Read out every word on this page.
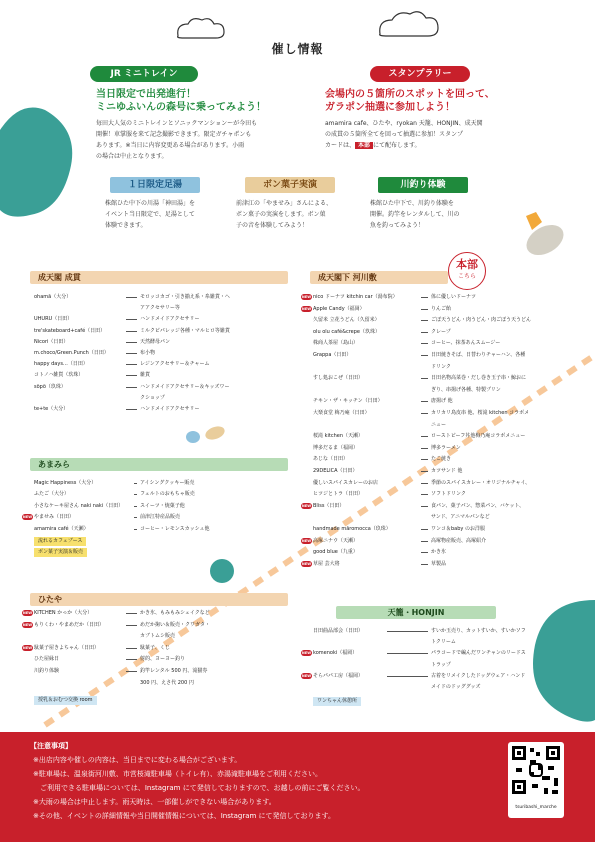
催し情報
JR ミニトレイン
当日限定で出発進行！
ミニゆふいんの森号に乗ってみよう！
毎田大人気のミニトレインとソニックマンションーが今田も
開催！車掌服を来て記念撮影できます。限定ガチャポンも
あります。※当日に内容変更ある場合があります。小雨
の場合は中止となります。
スタンプラリー
会場内の５箇所のスポットを回って、
ガラポン抽選に参加しよう！
amamira cafe、ひたや、ryokan 天籠、HONJIN、成天閣
の成貫の５箇所全てを回って抽選に参加！スタンプ
カードは、 本部 にて配布します。
１日限定足湯
株館ひた中下の川湯「神田湯」を
イベント当日限定で、足湯として
体験できます。
ボン菓子実演
前津江の「やませみ」さんによる、
ボン菓子の実演をします。ボン菓
子の音を体験してみよう！
川釣り体験
株館ひた中下で、川釣り体験を
開催。釣竿をレンタルして、川の
魚を釣ってみよう！
本部
こちら
成天閣 成貫
ohamā（大分）	モロッコカゴ・引き揃え系・糸雑貨・へ
アアクセサリー等
UHURU（日田）	ハンドメイドアクセサリー
tre'skateboard+café（日田）	ミルクピパレッジ各種・マルヒロ等雑貨
Nicori（日田）	天然酵母パン
m.choco/Green.Punch（日田）	布小物
happy days…（日田）	レジンアクセサリー＆チャーム
コトノハ雑貨（玖珠）	雑貨
söpö（玖珠）	ハンドメイドアクセサリー＆キッズワー
クショップ
te+te（大分）	ハンドメイドアクセサリー
あまみら
Magic Happiness（大分）	アイシングクッキー販売
ふたご（大分）	フェルトのおもちゃ販売
小さなケーキ屋さん naki naki（日田）	スイーツ・焼菓子他
NEW やませみ（日田）	前津江特産品販売
amamira café（天瀬）	コーヒー・レモンスカッシュ他
流れるカフェブース
ボン菓子実演＆販売
ひたや
NEW KITCHEN かっか（大分）	かき氷、もみもみシェイクなど
NEW もりくわ・やまめだか（日田）	めだか掬い＆販売・クワガタ・
カブトムシ販売
NEW 駄菓子屋きよちゃん（日田）	駄菓子、くじ
ひた屋縁日	射的、ヨーヨー釣り
川釣り体験	釣竿レンタル 500 円、滝猫券
300 円、えさ代 200 円
授乳＆おむつ交換 room
成天閣下 河川敷
NEW nico ドーナツ kitchin car（湯布院）	体に優しいドーナツ
NEW Apple Candy（福岡）	りんご飴
久留米 立花うどん（久留米）	ごぼ天うどん・肉うどん・肉ごぼう天うどん
olu olu café&crepe（玖珠）	クレープ
株商人茶屋（島山）	コーヒー、抹茶あんスムージー
Grappa（日田）	日田焼きそば、日替わりチャーハン、各種
ドリンク
すし処おこぜ（日田）	日田名物高菜巻・だし巻き玉子串・鯨おに
ぎり、串揚げ各種、特製プリン
チキン・ザ・キッチン（日田）	唐揚げ 他
大楽食堂 梅乃庵（日田）	カリカリ鳥皮串 他、桜滝 kitchen コラボメ
ニュー
桜滝 kitchen（天瀬）	ローストビーフ丼他梅乃庵コラボメニュー
博多だるま（福岡）	博多ラーメン
あじな（日田）	たこ焼き
29DELICA（日田）	カツサンド 他
優しいスパイスカレーのお店	季節のスパイスカレー・オリジナルチャイ、
ヒツジとトラ（日田）	ソフトドリンク
NEW Bliss（日田）	食パン、菓子パン、惣菜パン、バケット、
サンド、アニマルパンなど
handmade māromocca（玖珠）	ワンコ＆baby のお洋服
NEW 高塚ニナウ（天瀬）	高塚物産販売、高塚紹介
good blue（九重）	かき氷
NEW 草屋 芸大将	草製品
天籠・HONJIN
日田曲品部会（日田）	すいか玉売り、カットすいか、すいかソフ
トクリーム
NEW komenoki（福岡）	パラコードで編んだワンチャンのリードス
トラップ
NEW そらパパ工房（福岡）	古着をリメイクしたドッグウェア・ハンド
メイドのドッググッズ
ワンちゃん休憩所
【注意事項】
※出店内容や催しの内容は、当日までに変わる場合がございます。
※駐車場は、温泉街河川敷、市営桜滝駐車場（トイレ有）、赤湯滝駐車場をご利用ください。
　ご利用できる駐車場については、Instagram にて発信しておりますので、お越しの前にご覧ください。
※大雨の場合は中止します。雨天時は、一部催しができない場合があります。
※その他、イベントの詳細情報や当日開催情報については、Instagram にて発信しております。
tsuribashi_marche
